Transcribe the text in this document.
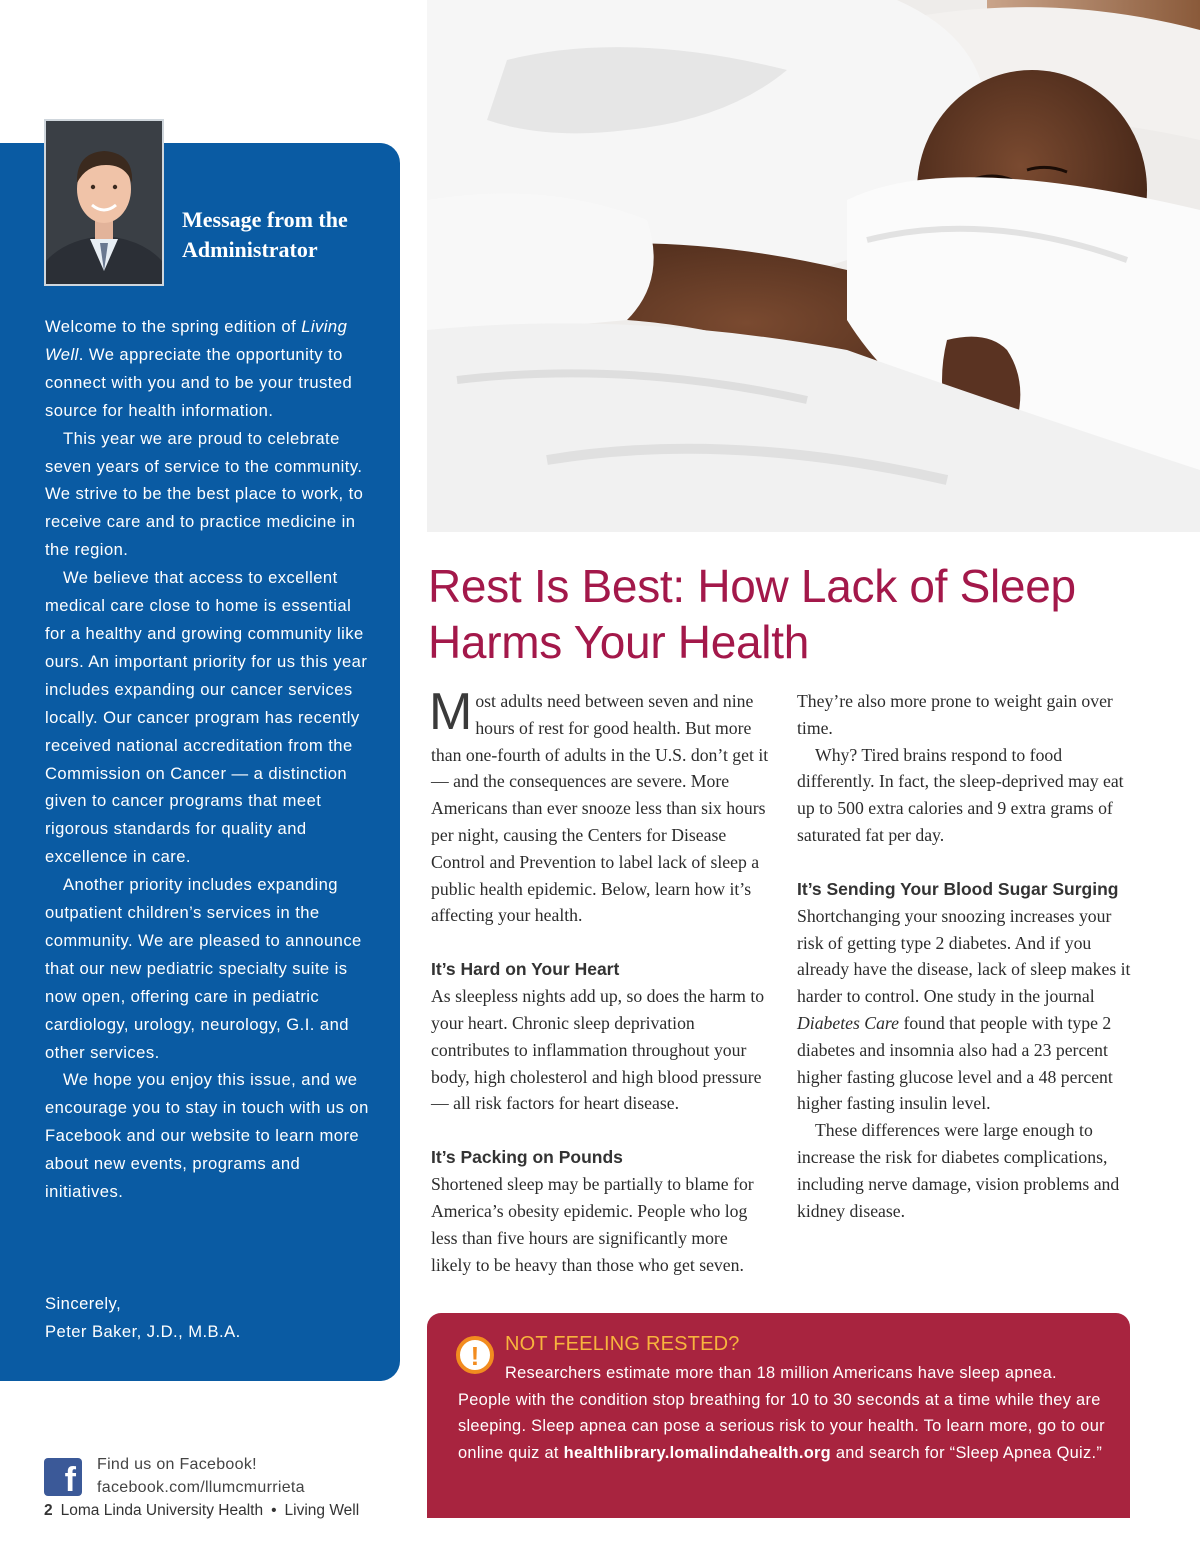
Message from the Administrator

Welcome to the spring edition of Living Well. We appreciate the opportunity to connect with you and to be your trusted source for health information.

This year we are proud to celebrate seven years of service to the community. We strive to be the best place to work, to receive care and to practice medicine in the region.

We believe that access to excellent medical care close to home is essential for a healthy and growing community like ours. An important priority for us this year includes expanding our cancer services locally. Our cancer program has recently received national accreditation from the Commission on Cancer — a distinction given to cancer programs that meet rigorous standards for quality and excellence in care.

Another priority includes expanding outpatient children’s services in the community. We are pleased to announce that our new pediatric specialty suite is now open, offering care in pediatric cardiology, urology, neurology, G.I. and other services.

We hope you enjoy this issue, and we encourage you to stay in touch with us on Facebook and our website to learn more about new events, programs and initiatives.

Sincerely,
Peter Baker, J.D., M.B.A.
f	Find us on Facebook!
facebook.com/llumcmurrieta
2 Loma Linda University Health • Living Well
Rest Is Best: How Lack of Sleep Harms Your Health

Most adults need between seven and nine hours of rest for good health. But more than one-fourth of adults in the U.S. don’t get it — and the consequences are severe. More Americans than ever snooze less than six hours per night, causing the Centers for Disease Control and Prevention to label lack of sleep a public health epidemic. Below, learn how it’s affecting your health.

It’s Hard on Your Heart

As sleepless nights add up, so does the harm to your heart. Chronic sleep deprivation contributes to inflammation throughout your body, high cholesterol and high blood pressure — all risk factors for heart disease.

It’s Packing on Pounds

Shortened sleep may be partially to blame for America’s obesity epidemic. People who log less than five hours are significantly more likely to be heavy than those who get seven.

They’re also more prone to weight gain over time.

Why? Tired brains respond to food differently. In fact, the sleep-deprived may eat up to 500 extra calories and 9 extra grams of saturated fat per day.

It’s Sending Your Blood Sugar Surging

Shortchanging your snoozing increases your risk of getting type 2 diabetes. And if you already have the disease, lack of sleep makes it harder to control. One study in the journal Diabetes Care found that people with type 2 diabetes and insomnia also had a 23 percent higher fasting glucose level and a 48 percent higher fasting insulin level.

These differences were large enough to increase the risk for diabetes complications, including nerve damage, vision problems and kidney disease.

!	NOT FEELING RESTED?
Researchers estimate more than 18 million Americans have sleep apnea. People with the condition stop breathing for 10 to 30 seconds at a time while they are sleeping. Sleep apnea can pose a serious risk to your health. To learn more, go to our online quiz at healthlibrary.lomalindahealth.org and search for “Sleep Apnea Quiz.”
